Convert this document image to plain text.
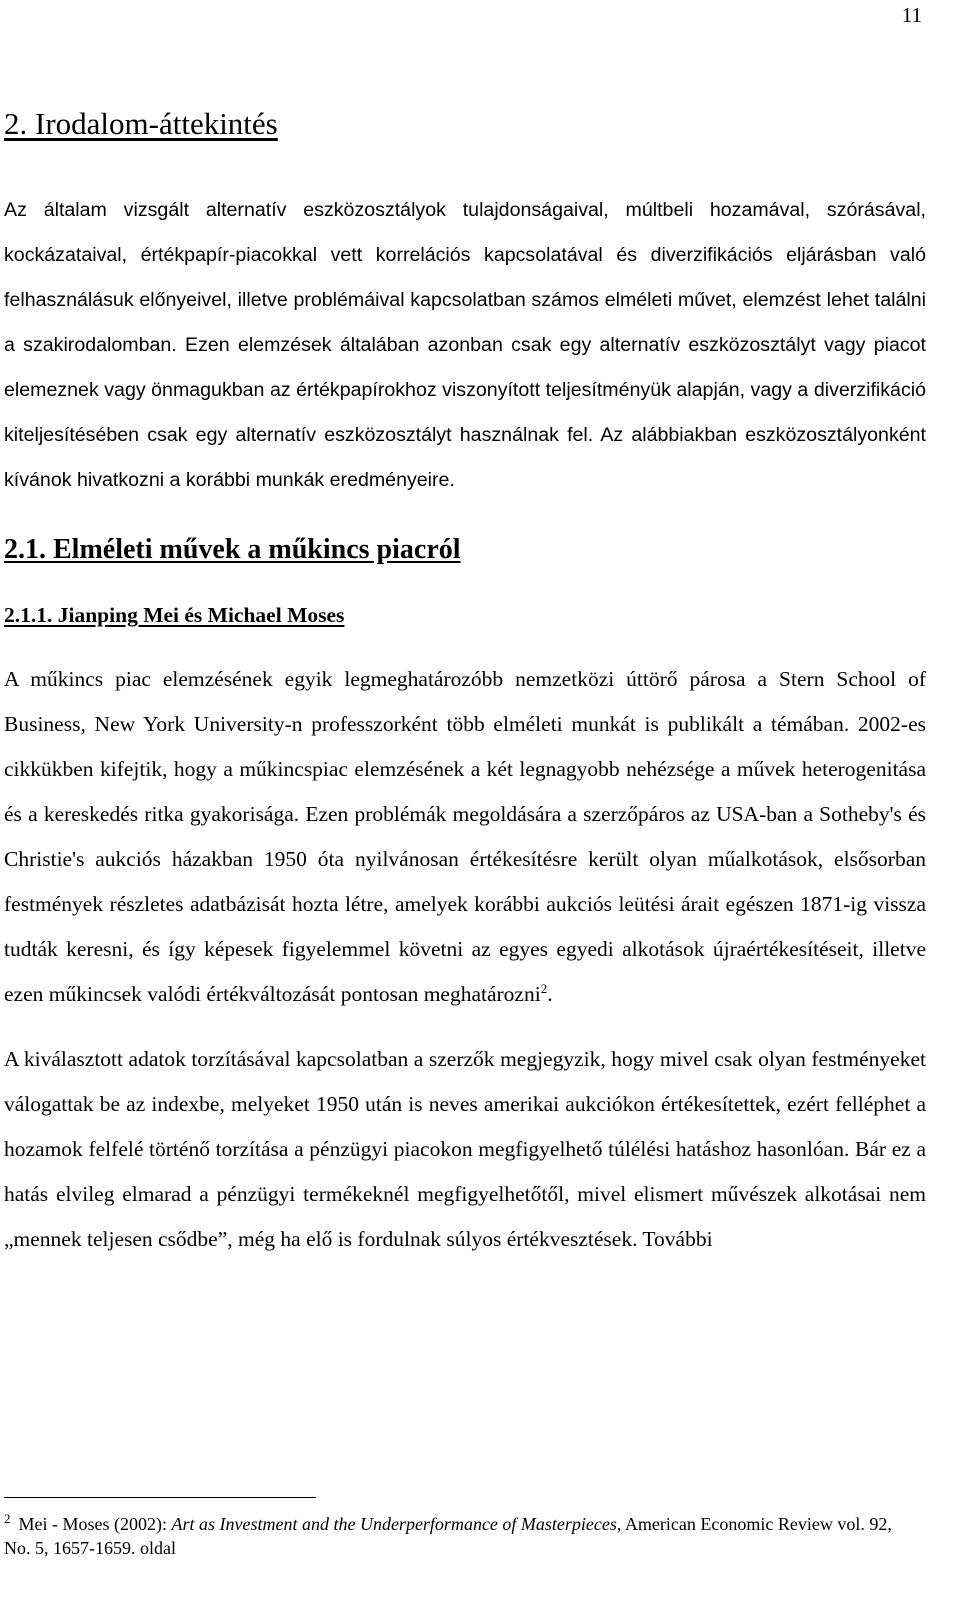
11
2. Irodalom-áttekintés

Az általam vizsgált alternatív eszközosztályok tulajdonságaival, múltbeli hozamával, szórásával, kockázataival, értékpapír-piacokkal vett korrelációs kapcsolatával és diverzifikációs eljárásban való felhasználásuk előnyeivel, illetve problémáival kapcsolatban számos elméleti művet, elemzést lehet találni a szakirodalomban. Ezen elemzések általában azonban csak egy alternatív eszközosztályt vagy piacot elemeznek vagy önmagukban az értékpapírokhoz viszonyított teljesítményük alapján, vagy a diverzifikáció kiteljesítésében csak egy alternatív eszközosztályt használnak fel. Az alábbiakban eszközosztályonként kívánok hivatkozni a korábbi munkák eredményeire.

2.1. Elméleti művek a műkincs piacról
2.1.1. Jianping Mei és Michael Moses

A műkincs piac elemzésének egyik legmeghatározóbb nemzetközi úttörő párosa a Stern School of Business, New York University-n professzorként több elméleti munkát is publikált a témában. 2002-es cikkükben kifejtik, hogy a műkincspiac elemzésének a két legnagyobb nehézsége a művek heterogenitása és a kereskedés ritka gyakorisága. Ezen problémák megoldására a szerzőpáros az USA-ban a Sotheby's és Christie's aukciós házakban 1950 óta nyilvánosan értékesítésre került olyan műalkotások, elsősorban festmények részletes adatbázisát hozta létre, amelyek korábbi aukciós leütési árait egészen 1871-ig vissza tudták keresni, és így képesek figyelemmel követni az egyes egyedi alkotások újraértékesítéseit, illetve ezen műkincsek valódi értékváltozását pontosan meghatározni$^2$.

A kiválasztott adatok torzításával kapcsolatban a szerzők megjegyzik, hogy mivel csak olyan festményeket válogattak be az indexbe, melyeket 1950 után is neves amerikai aukciókon értékesítettek, ezért felléphet a hozamok felfelé történő torzítása a pénzügyi piacokon megfigyelhető túlélési hatáshoz hasonlóan. Bár ez a hatás elvileg elmarad a pénzügyi termékeknél megfigyelhetőtől, mivel elismert művészek alkotásai nem „mennek teljesen csődbe”, még ha elő is fordulnak súlyos értékvesztések. További

$^2$ Mei - Moses (2002): Art as Investment and the Underperformance of Masterpieces, American Economic Review vol. 92, No. 5, 1657-1659. oldal
